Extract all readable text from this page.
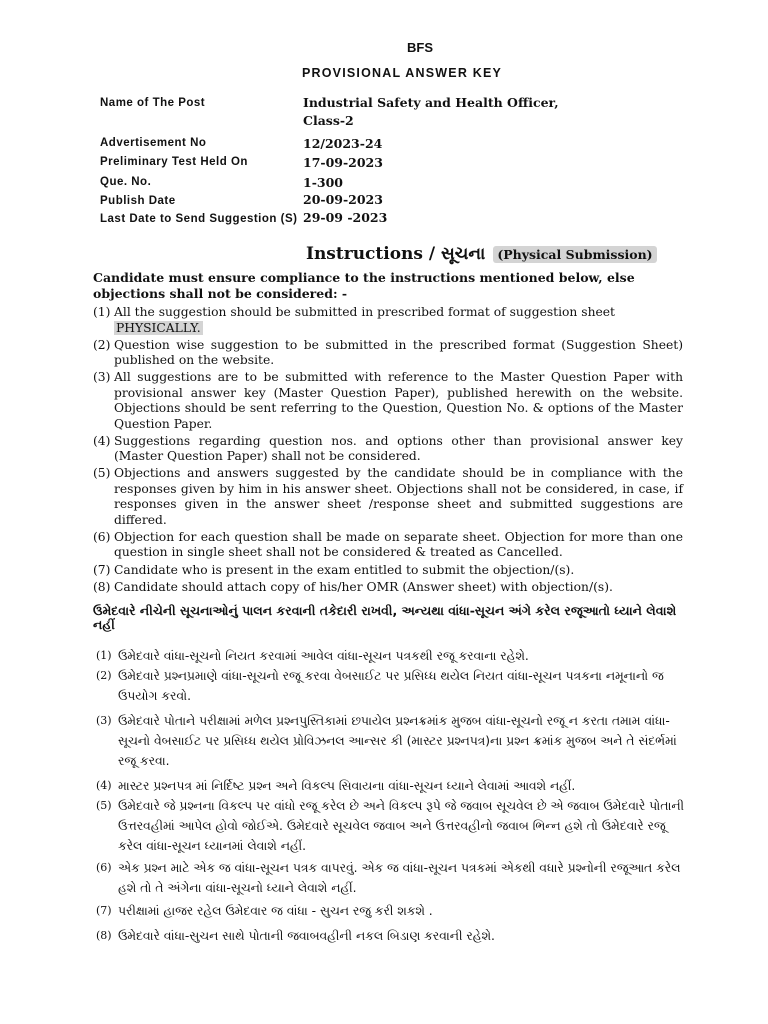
BFS
PROVISIONAL ANSWER KEY
Name of The Post	Industrial Safety and Health Officer,
Class-2
Advertisement No	12/2023-24
Preliminary Test Held On	17-09-2023
Que. No.	1-300
Publish Date	20-09-2023
Last Date to Send Suggestion (S) 29-09 -2023
Instructions / સૂચના (Physical Submission)
Candidate must ensure compliance to the instructions mentioned below, else objections shall not be considered: -
(1) All the suggestion should be submitted in prescribed format of suggestion sheet
PHYSICALLY.
(2) Question wise suggestion to be submitted in the prescribed format (Suggestion Sheet) published on the website.
(3) All suggestions are to be submitted with reference to the Master Question Paper with provisional answer key (Master Question Paper), published herewith on the website. Objections should be sent referring to the Question, Question No. & options of the Master Question Paper.
(4) Suggestions regarding question nos. and options other than provisional answer key (Master Question Paper) shall not be considered.
(5) Objections and answers suggested by the candidate should be in compliance with the responses given by him in his answer sheet. Objections shall not be considered, in case, if responses given in the answer sheet /response sheet and submitted suggestions are differed.
(6) Objection for each question shall be made on separate sheet. Objection for more than one question in single sheet shall not be considered & treated as Cancelled.
(7) Candidate who is present in the exam entitled to submit the objection/(s).
(8) Candidate should attach copy of his/her OMR (Answer sheet) with objection/(s).
ઉમેદવારે નીચેની સૂચનાઓનું પાલન કરવાની તકેદારી રાખવી, અન્યથા વાંધા-સૂચન અંગે કરેલ રજૂઆતો ધ્યાને લેવાશે નહીં
(1) ઉમેદવારે વાંધા-સૂચનો નિયત કરવામાં આવેલ વાંધા-સૂચન પત્રકથી રજૂ કરવાના રહેશે.
(2) ઉમેદવારે પ્રશ્નપ્રમાણે વાંધા-સૂચનો રજૂ કરવા વેબસાઈટ પર પ્રસિધ્ધ થયેલ નિયત વાંધા-સૂચન પત્રકના નમૂનાનો જ ઉપયોગ કરવો.
(3) ઉમેદવારે પોતાને પરીક્ષામાં મળેલ પ્રશ્નપુસ્તિકામાં છપાયેલ પ્રશ્નક્રમાંક મુજબ વાંધા-સૂચનો રજૂ ન કરતા તમામ વાંધા-સૂચનો વેબસાઈટ પર પ્રસિધ્ધ થયેલ પ્રોવિઝનલ આન્સર કી (માસ્ટર પ્રશ્નપત્ર)ના પ્રશ્ન ક્રમાંક મુજબ અને તે સંદર્ભમાં રજૂ કરવા.
(4) માસ્ટર પ્રશ્નપત્ર માં નિર્દિષ્ટ પ્રશ્ન અને વિકલ્પ સિવાયના વાંધા-સૂચન ધ્યાને લેવામાં આવશે નહીં.
(5) ઉમેદવારે જે પ્રશ્નના વિકલ્પ પર વાંધો રજૂ કરેલ છે અને વિકલ્પ રૂપે જે જવાબ સૂચવેલ છે એ જવાબ ઉમેદવારે પોતાની ઉત્તરવહીમાં આપેલ હોવો જોઈએ. ઉમેદવારે સૂચવેલ જવાબ અને ઉત્તરવહીનો જવાબ ભિન્ન હશે તો ઉમેદવારે રજૂ કરેલ વાંધા-સૂચન ધ્યાનમાં લેવાશે નહીં.
(6) એક પ્રશ્ન માટે એક જ વાંધા-સૂચન પત્રક વાપરવું. એક જ વાંધા-સૂચન પત્રકમાં એકથી વધારે પ્રશ્નોની રજૂઆત કરેલ હશે તો તે અંગેના વાંધા-સૂચનો ધ્યાને લેવાશે નહીં.
(7) પરીક્ષામાં હાજર રહેલ ઉમેદવાર જ વાંધા - સુચન રજુ કરી શકશે .
(8) ઉમેદવારે વાંધા-સુચન સાથે પોતાની જવાબવહીની નકલ બિડાણ કરવાની રહેશે.
